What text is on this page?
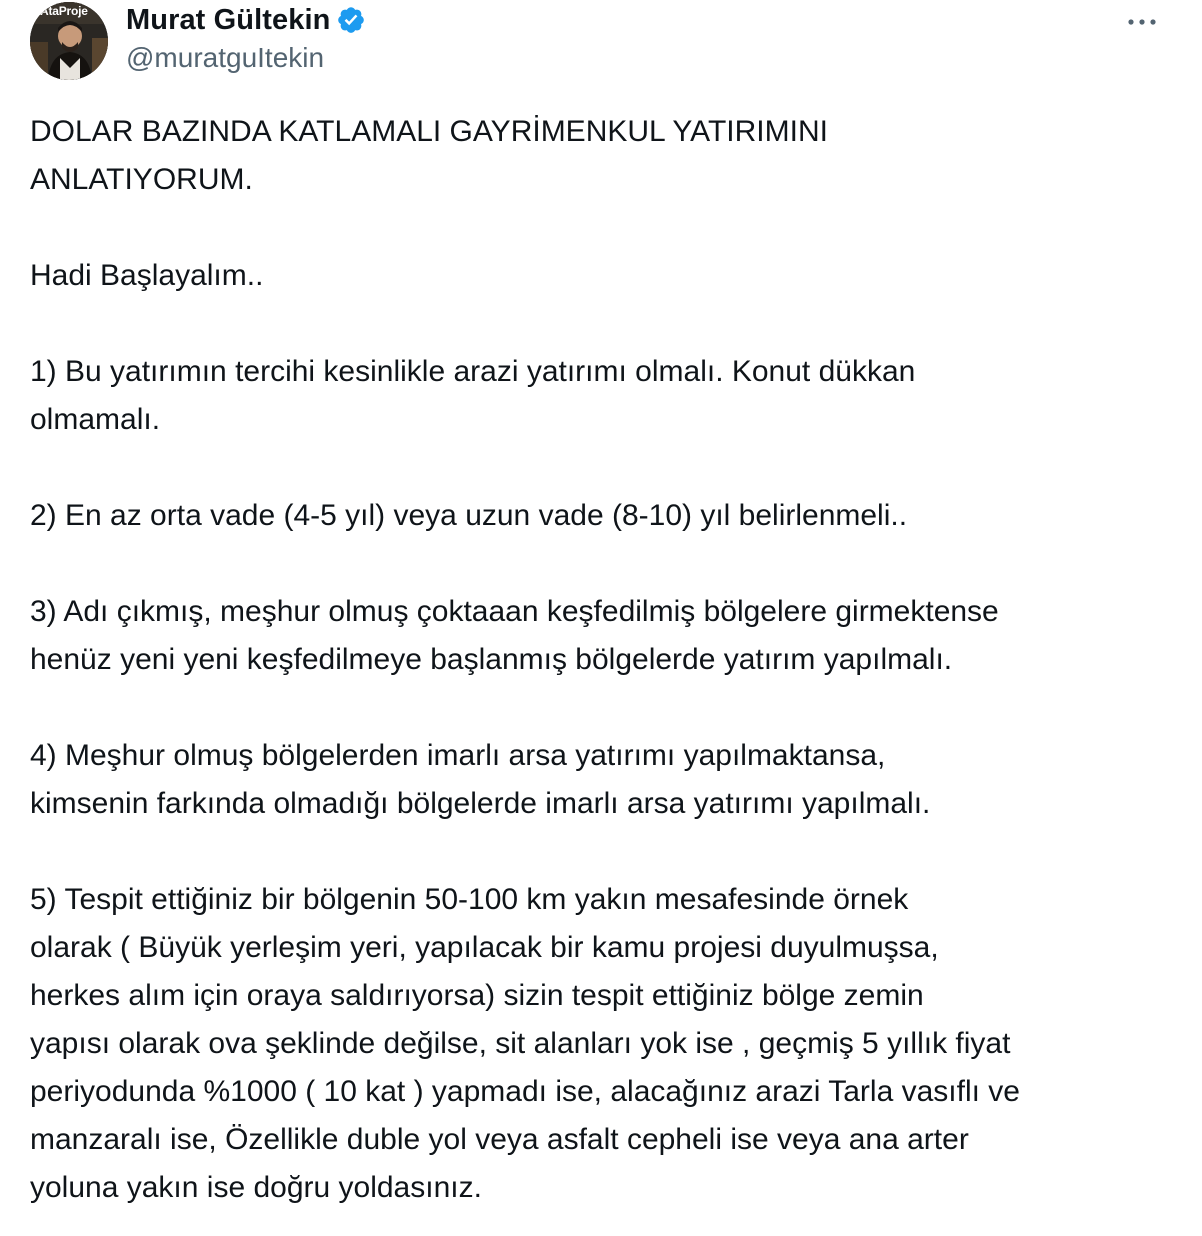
AtaProje Murat Gültekin
@muratguItekin

DOLAR BAZINDA KATLAMALI GAYRİMENKUL YATIRIMINI
ANLATIYORUM.

Hadi Başlayalım..

1) Bu yatırımın tercihi kesinlikle arazi yatırımı olmalı. Konut dükkan
olmamalı.

2) En az orta vade (4-5 yıl) veya uzun vade (8-10) yıl belirlenmeli..

3) Adı çıkmış, meşhur olmuş çoktaaan keşfedilmiş bölgelere girmektense
henüz yeni yeni keşfedilmeye başlanmış bölgelerde yatırım yapılmalı.

4) Meşhur olmuş bölgelerden imarlı arsa yatırımı yapılmaktansa,
kimsenin farkında olmadığı bölgelerde imarlı arsa yatırımı yapılmalı.

5) Tespit ettiğiniz bir bölgenin 50-100 km yakın mesafesinde örnek
olarak ( Büyük yerleşim yeri, yapılacak bir kamu projesi duyulmuşsa,
herkes alım için oraya saldırıyorsa) sizin tespit ettiğiniz bölge zemin
yapısı olarak ova şeklinde değilse, sit alanları yok ise , geçmiş 5 yıllık fiyat
periyodunda %1000 ( 10 kat ) yapmadı ise, alacağınız arazi Tarla vasıflı ve
manzaralı ise, Özellikle duble yol veya asfalt cepheli ise veya ana arter
yoluna yakın ise doğru yoldasınız.
